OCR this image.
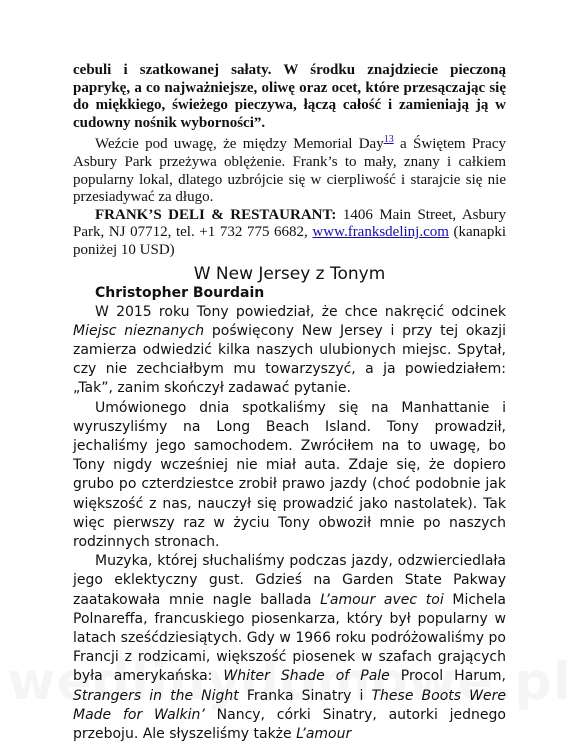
cebuli i szatkowanej sałaty. W środku znajdziecie pieczoną paprykę, a co najważniejsze, oliwę oraz ocet, które przesączając się do miękkiego, świeżego pieczywa, łączą całość i zamieniają ją w cudowny nośnik wyborności”.

Weźcie pod uwagę, że między Memorial Day$^{13}$ a Świętem Pracy Asbury Park przeżywa oblężenie. Frank’s to mały, znany i całkiem popularny lokal, dlatego uzbrójcie się w cierpliwość i starajcie się nie przesiadywać za długo.

FRANK’S DELI & RESTAURANT: 1406 Main Street, Asbury Park, NJ 07712, tel. +1 732 775 6682, www.franksdelinj.com (kanapki poniżej 10 USD)

W New Jersey z Tonym

Christopher Bourdain

W 2015 roku Tony powiedział, że chce nakręcić odcinek Miejsc nieznanych poświęcony New Jersey i przy tej okazji zamierza odwiedzić kilka naszych ulubionych miejsc. Spytał, czy nie zechciałbym mu towarzyszyć, a ja powiedziałem: „Tak”, zanim skończył zadawać pytanie.

Umówionego dnia spotkaliśmy się na Manhattanie i wyruszyliśmy na Long Beach Island. Tony prowadził, jechaliśmy jego samochodem. Zwróciłem na to uwagę, bo Tony nigdy wcześniej nie miał auta. Zdaje się, że dopiero grubo po czterdziestce zrobił prawo jazdy (choć podobnie jak większość z nas, nauczył się prowadzić jako nastolatek). Tak więc pierwszy raz w życiu Tony obwoził mnie po naszych rodzinnych stronach.

Muzyka, której słuchaliśmy podczas jazdy, odzwierciedlała jego eklektyczny gust. Gdzieś na Garden State Pakway zaatakowała mnie nagle ballada L’amour avec toi Michela Polnareffa, francuskiego piosenkarza, który był popularny w latach sześćdziesiątych. Gdy w 1966 roku podróżowaliśmy po Francji z rodzicami, większość piosenek w szafach grających była amerykańska: Whiter Shade of Pale Procol Harum, Strangers in the Night Franka Sinatry i These Boots Were Made for Walkin’ Nancy, córki Sinatry, autorki jednego przeboju. Ale słyszeliśmy także L’amour
